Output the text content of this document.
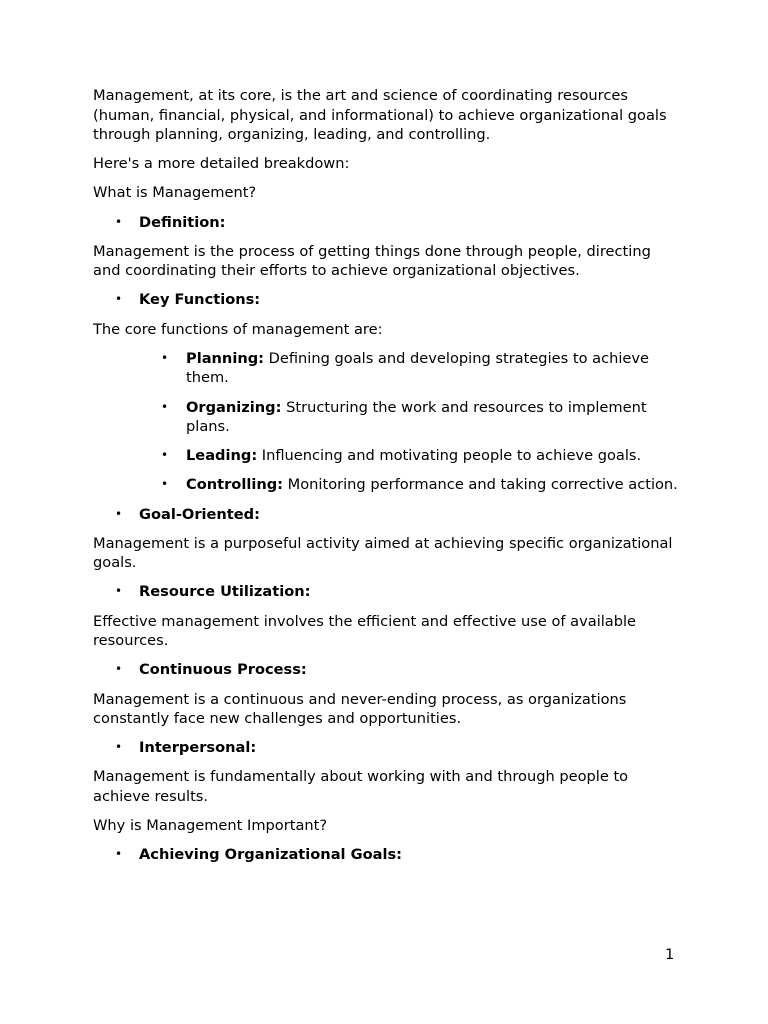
Management, at its core, is the art and science of coordinating resources (human, financial, physical, and informational) to achieve organizational goals through planning, organizing, leading, and controlling.

Here's a more detailed breakdown:

What is Management?

• Definition:

Management is the process of getting things done through people, directing and coordinating their efforts to achieve organizational objectives.

• Key Functions:

The core functions of management are:

• Planning: Defining goals and developing strategies to achieve them.
• Organizing: Structuring the work and resources to implement plans.
• Leading: Influencing and motivating people to achieve goals.
• Controlling: Monitoring performance and taking corrective action.
• Goal-Oriented:

Management is a purposeful activity aimed at achieving specific organizational goals.

• Resource Utilization:

Effective management involves the efficient and effective use of available resources.

• Continuous Process:

Management is a continuous and never-ending process, as organizations constantly face new challenges and opportunities.

• Interpersonal:

Management is fundamentally about working with and through people to achieve results.

Why is Management Important?

• Achieving Organizational Goals:
1
